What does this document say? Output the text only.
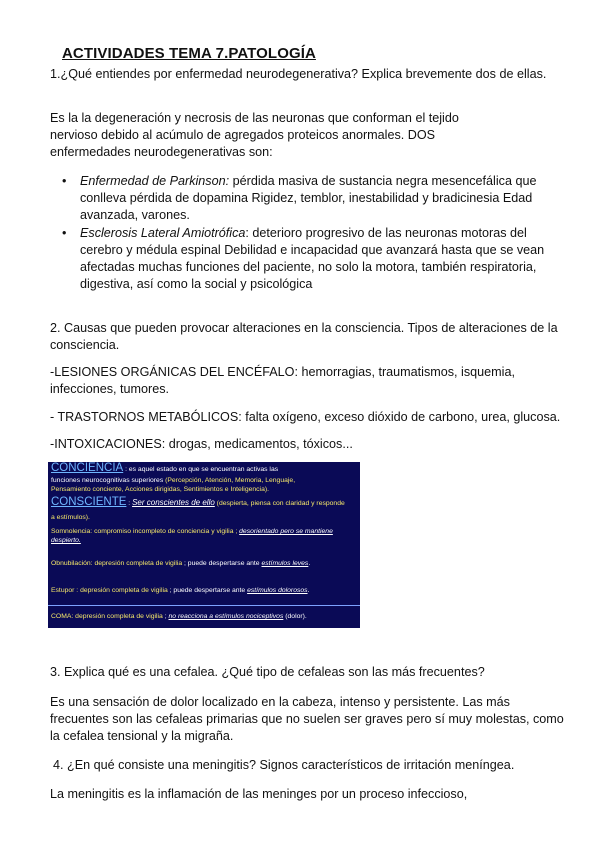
ACTIVIDADES TEMA 7.PATOLOGÍA
1.¿Qué entiendes por enfermedad neurodegenerativa? Explica brevemente dos de ellas.
Es la la degeneración y necrosis de las neuronas que conforman el tejido nervioso debido al acúmulo de agregados proteicos anormales. DOS enfermedades neurodegenerativas son:
• Enfermedad de Parkinson: pérdida masiva de sustancia negra mesencefálica que conlleva pérdida de dopamina Rigidez, temblor, inestabilidad y bradicinesia Edad avanzada, varones.
• Esclerosis Lateral Amiotrófica: deterioro progresivo de las neuronas motoras del cerebro y médula espinal Debilidad e incapacidad que avanzará hasta que se vean afectadas muchas funciones del paciente, no solo la motora, también respiratoria, digestiva, así como la social y psicológica
2. Causas que pueden provocar alteraciones en la consciencia. Tipos de alteraciones de la consciencia.
-LESIONES ORGÁNICAS DEL ENCÉFALO: hemorragias, traumatismos, isquemia, infecciones, tumores.
- TRASTORNOS METABÓLICOS: falta oxígeno, exceso dióxido de carbono, urea, glucosa.
-INTOXICACIONES: drogas, medicamentos, tóxicos...
CONCIENCIA : es aquel estado en que se encuentran activas las
funciones neurocognitivas superiores (Percepción, Atención, Memoria, Lenguaje,
Pensamiento conciente, Acciones dirigidas, Sentimientos e Inteligencia).
CONSCIENTE : Ser conscientes de ello (despierta, piensa con claridad y responde
a estímulos).
Somnolencia: compromiso incompleto de conciencia y vigilia ; desorientado pero se mantiene
despierto.
Obnubilación: depresión completa de vigilia ; puede despertarse ante estímulos leves.
Estupor : depresión completa de vigilia ; puede despertarse ante estímulos dolorosos.
COMA: depresión completa de vigilia ; no reacciona a estímulos nociceptivos (dolor).
3. Explica qué es una cefalea. ¿Qué tipo de cefaleas son las más frecuentes?
Es una sensación de dolor localizado en la cabeza, intenso y persistente. Las más frecuentes son las cefaleas primarias que no suelen ser graves pero sí muy molestas, como la cefalea tensional y la migraña.
4. ¿En qué consiste una meningitis? Signos característicos de irritación meníngea.
La meningitis es la inflamación de las meninges por un proceso infeccioso,
